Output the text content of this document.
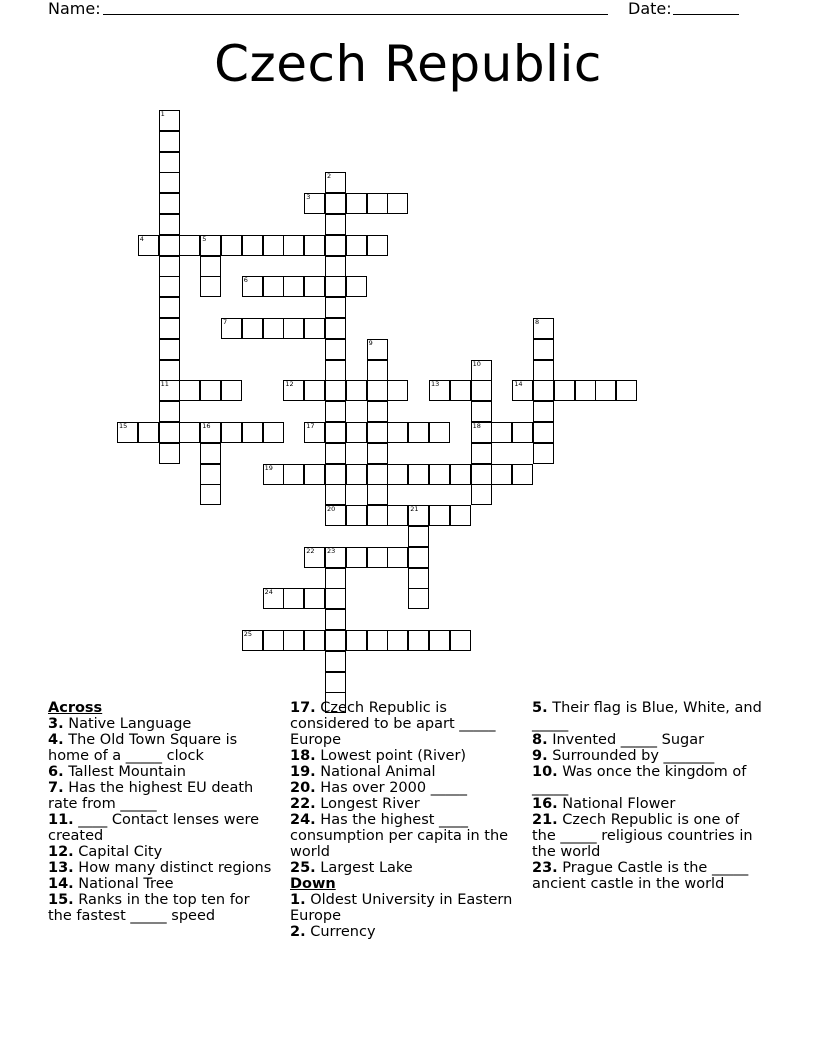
Name:	Date:
Czech Republic
1
2
3
4	5
6
7	8
9
10
11	12	13	14
15	16	17	18
19
20	21
22 23
24
25
Across
3. Native Language
4. The Old Town Square is home of a _____ clock
6. Tallest Mountain
7. Has the highest EU death rate from _____
11. ____ Contact lenses were created
12. Capital City
13. How many distinct regions
14. National Tree
15. Ranks in the top ten for the fastest _____ speed
17. Czech Republic is considered to be apart _____ Europe
18. Lowest point (River)
19. National Animal
20. Has over 2000 _____
22. Longest River
24. Has the highest ____ consumption per capita in the world
25. Largest Lake
Down
1. Oldest University in Eastern Europe
2. Currency
5. Their flag is Blue, White, and _____
8. Invented _____ Sugar
9. Surrounded by _______
10. Was once the kingdom of _____
16. National Flower
21. Czech Republic is one of the _____ religious countries in the world
23. Prague Castle is the _____ ancient castle in the world
